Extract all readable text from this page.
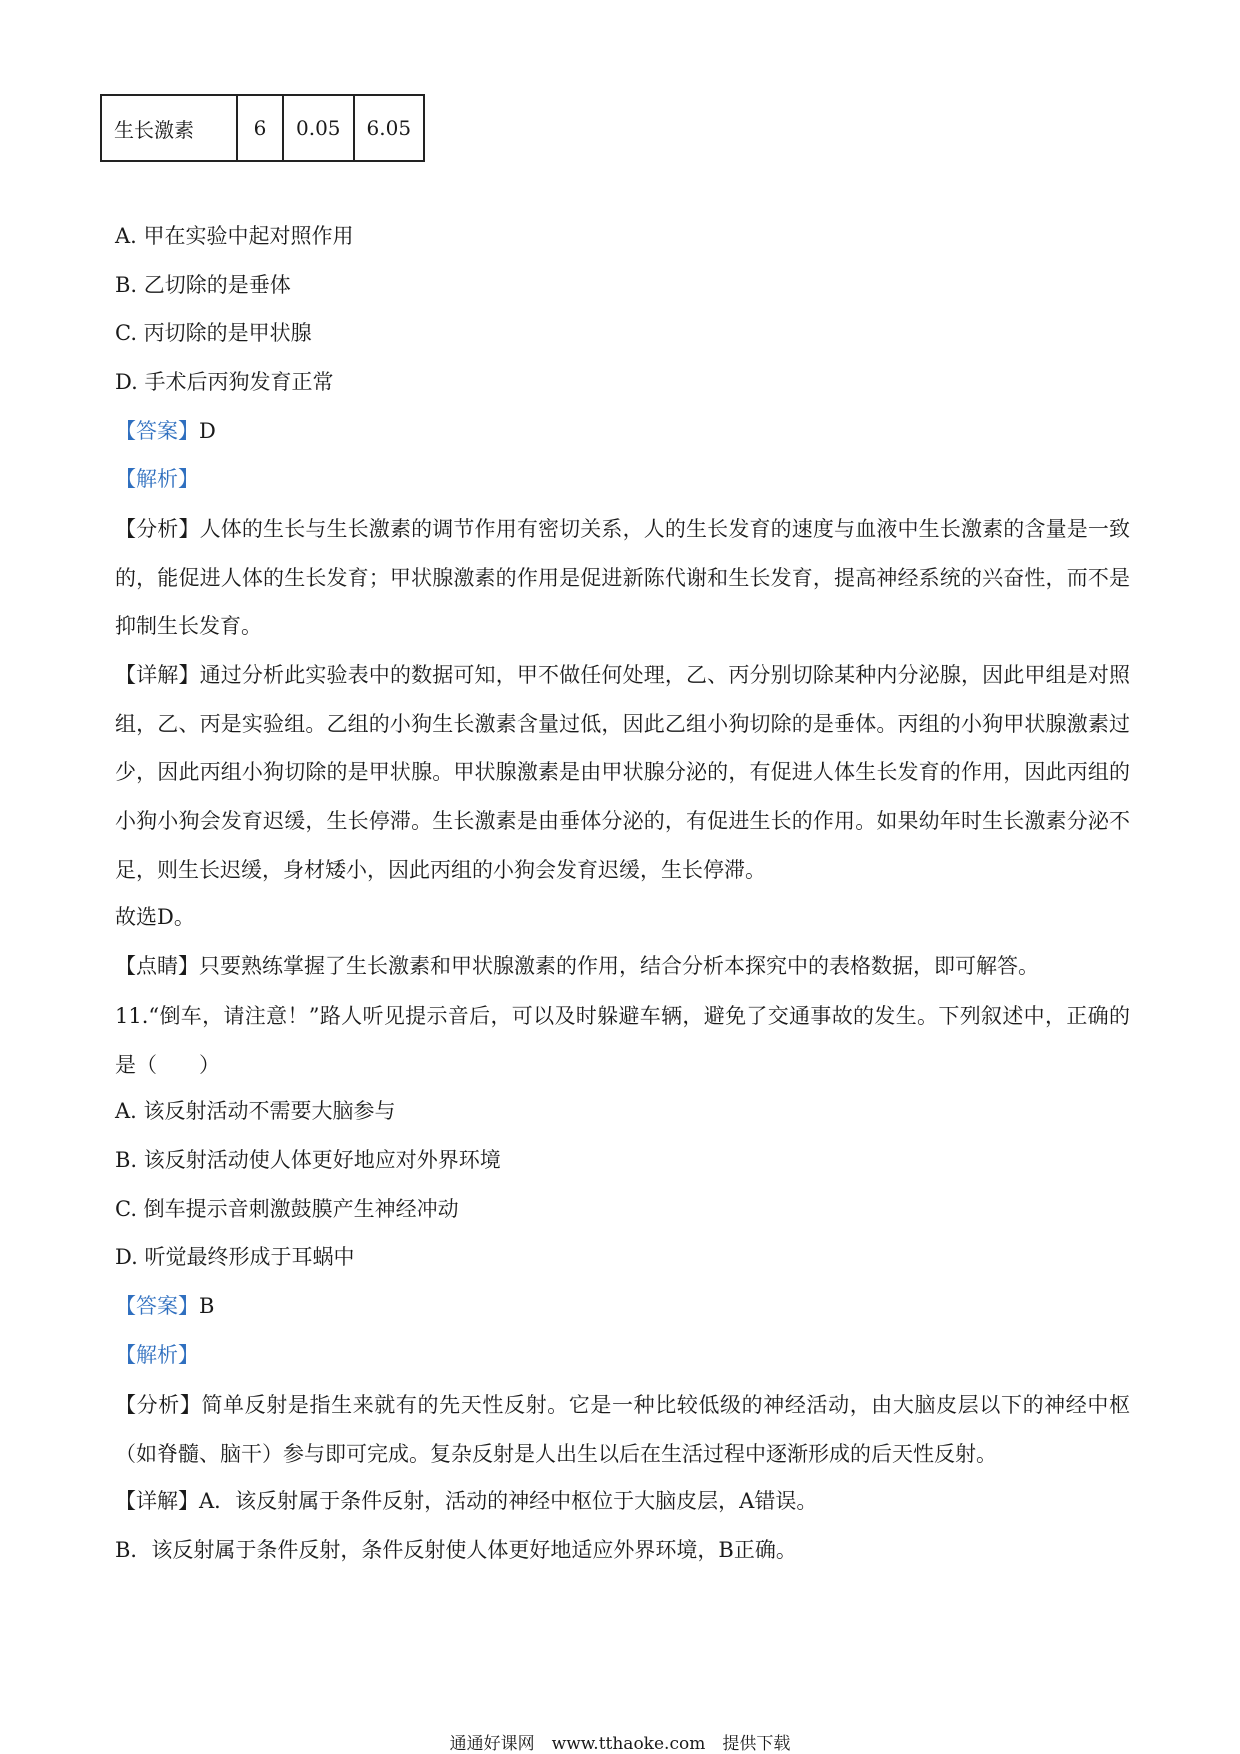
生长激素	6	0.05	6.05
A. 甲在实验中起对照作用
B. 乙切除的是垂体
C. 丙切除的是甲状腺
D. 手术后丙狗发育正常
【答案】D
【解析】
【分析】人体的生长与生长激素的调节作用有密切关系，人的生长发育的速度与血液中生长激素的含量是一致的，能促进人体的生长发育；甲状腺激素的作用是促进新陈代谢和生长发育，提高神经系统的兴奋性，而不是抑制生长发育。
【详解】通过分析此实验表中的数据可知，甲不做任何处理，乙、丙分别切除某种内分泌腺，因此甲组是对照组，乙、丙是实验组。乙组的小狗生长激素含量过低，因此乙组小狗切除的是垂体。丙组的小狗甲状腺激素过少，因此丙组小狗切除的是甲状腺。甲状腺激素是由甲状腺分泌的，有促进人体生长发育的作用，因此丙组的小狗小狗会发育迟缓，生长停滞。生长激素是由垂体分泌的，有促进生长的作用。如果幼年时生长激素分泌不足，则生长迟缓，身材矮小，因此丙组的小狗会发育迟缓，生长停滞。
故选D。
【点睛】只要熟练掌握了生长激素和甲状腺激素的作用，结合分析本探究中的表格数据，即可解答。
11.“倒车，请注意！”路人听见提示音后，可以及时躲避车辆，避免了交通事故的发生。下列叙述中，正确的是（　　）
A. 该反射活动不需要大脑参与
B. 该反射活动使人体更好地应对外界环境
C. 倒车提示音刺激鼓膜产生神经冲动
D. 听觉最终形成于耳蜗中
【答案】B
【解析】
【分析】简单反射是指生来就有的先天性反射。它是一种比较低级的神经活动，由大脑皮层以下的神经中枢（如脊髓、脑干）参与即可完成。复杂反射是人出生以后在生活过程中逐渐形成的后天性反射。
【详解】A．该反射属于条件反射，活动的神经中枢位于大脑皮层，A错误。
B．该反射属于条件反射，条件反射使人体更好地适应外界环境，B正确。
通通好课网　www.tthaoke.com　提供下载
